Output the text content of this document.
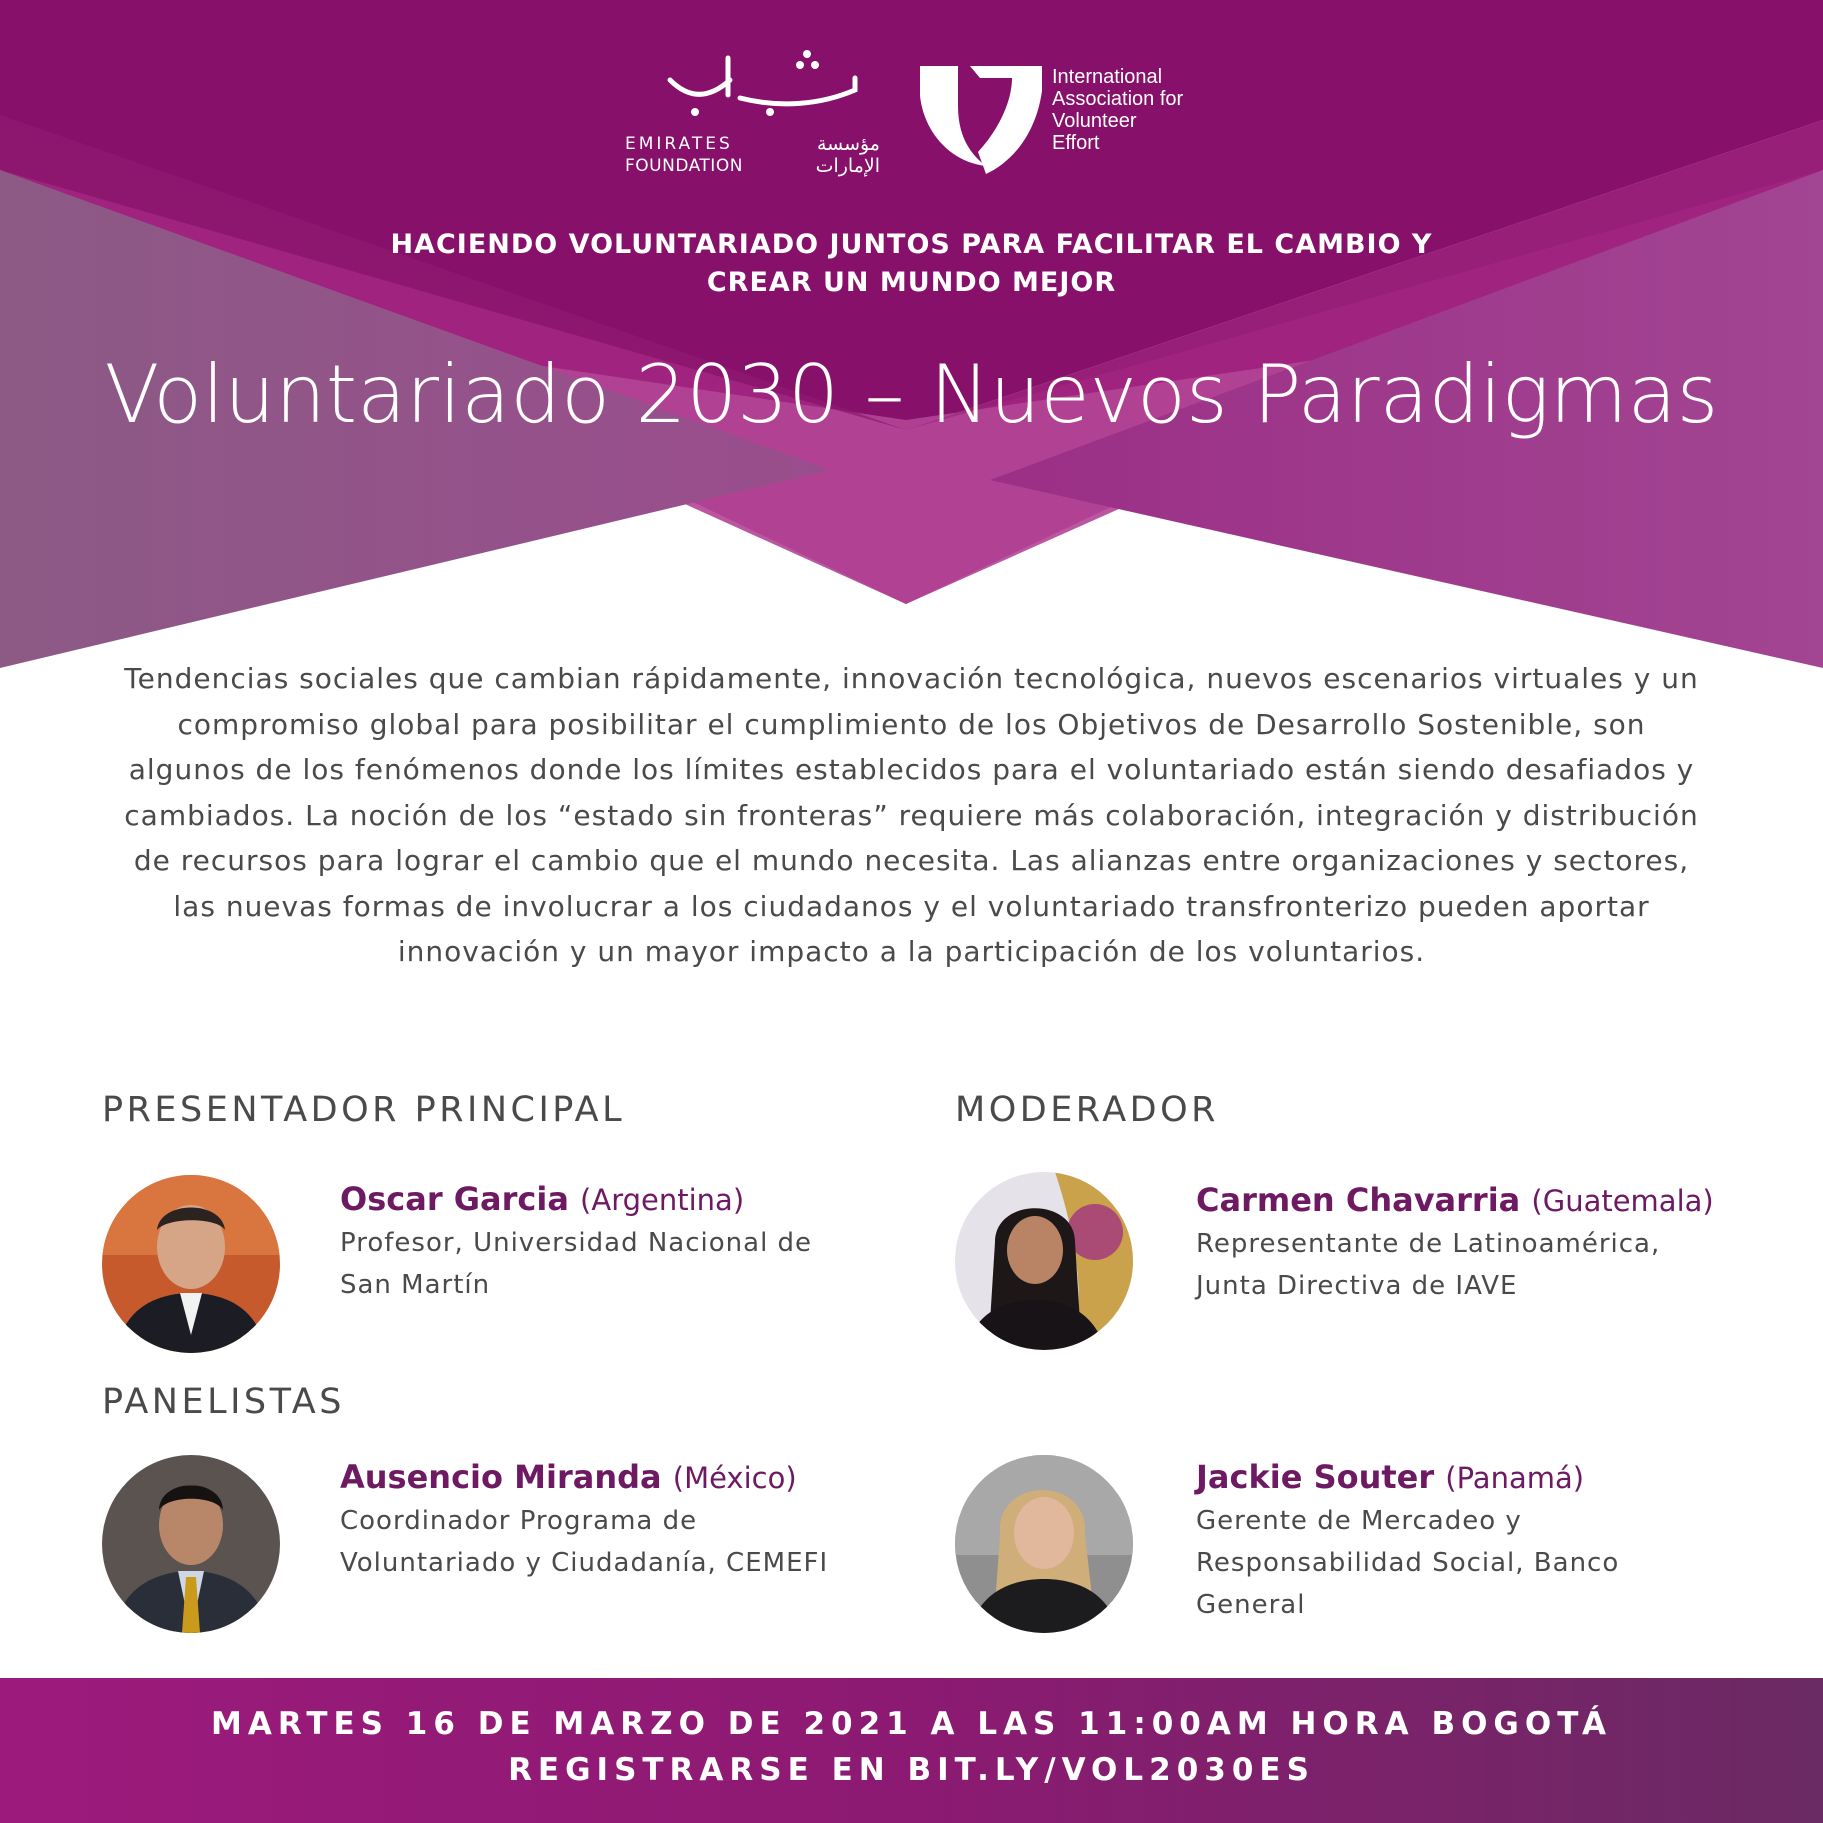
EMIRATES
FOUNDATION
مؤسسة
الإمارات
International
Association for
Volunteer
Effort
HACIENDO VOLUNTARIADO JUNTOS PARA FACILITAR EL CAMBIO Y
CREAR UN MUNDO MEJOR
Voluntariado 2030 – Nuevos Paradigmas

Tendencias sociales que cambian rápidamente, innovación tecnológica, nuevos escenarios virtuales y un compromiso global para posibilitar el cumplimiento de los Objetivos de Desarrollo Sostenible, son algunos de los fenómenos donde los límites establecidos para el voluntariado están siendo desafiados y cambiados. La noción de los “estado sin fronteras” requiere más colaboración, integración y distribución de recursos para lograr el cambio que el mundo necesita. Las alianzas entre organizaciones y sectores, las nuevas formas de involucrar a los ciudadanos y el voluntariado transfronterizo pueden aportar innovación y un mayor impacto a la participación de los voluntarios.

PRESENTADOR PRINCIPAL	MODERADOR
PANELISTAS
Oscar Garcia (Argentina)
Profesor, Universidad Nacional de
San Martín
Carmen Chavarria (Guatemala)
Representante de Latinoamérica,
Junta Directiva de IAVE
Ausencio Miranda (México)
Coordinador Programa de
Voluntariado y Ciudadanía, CEMEFI
Jackie Souter (Panamá)
Gerente de Mercadeo y
Responsabilidad Social, Banco
General
MARTES 16 DE MARZO DE 2021 A LAS 11:00AM HORA BOGOTÁ
REGISTRARSE EN BIT.LY/VOL2030ES
